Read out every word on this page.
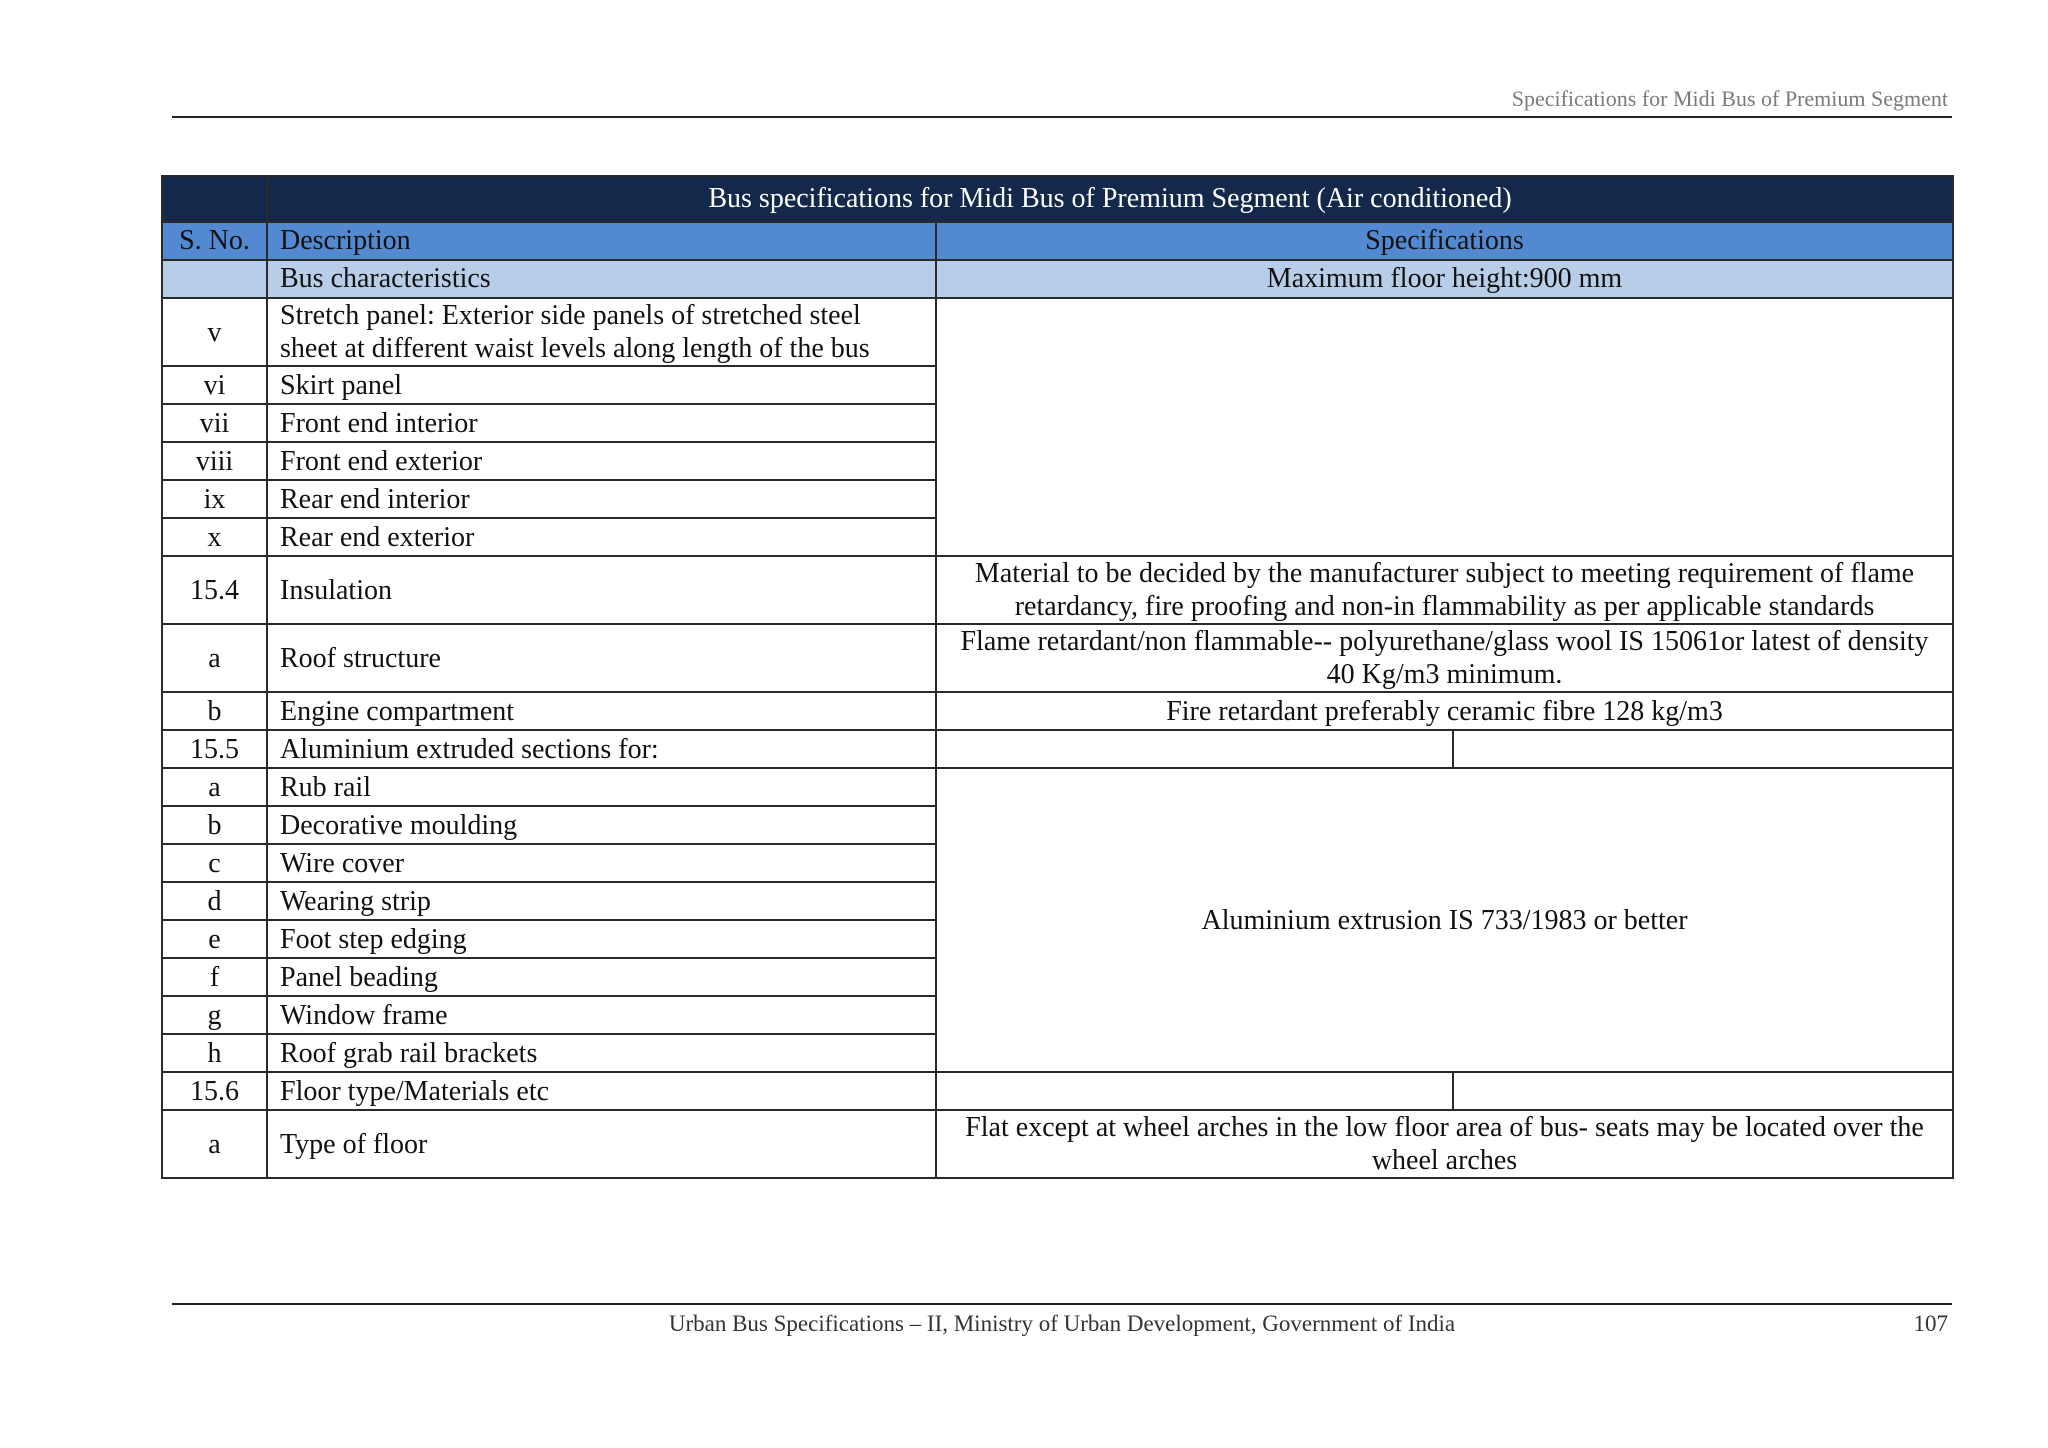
Specifications for Midi Bus of Premium Segment
	Bus specifications for Midi Bus of Premium Segment (Air conditioned)		
S. No.	Description	Specifications	
	Bus characteristics	Maximum floor height:900 mm	
v	Stretch panel: Exterior side panels of stretched steel sheet at different waist levels along length of the bus		
vi	Skirt panel		
vii	Front end interior		
viii	Front end exterior		
ix	Rear end interior		
x	Rear end exterior		
15.4	Insulation	Material to be decided by the manufacturer subject to meeting requirement of flame retardancy, fire proofing and non-in flammability as per applicable standards	
a	Roof structure	Flame retardant/non flammable-- polyurethane/glass wool IS 15061or latest of density 40 Kg/m3 minimum.	
b	Engine compartment	Fire retardant preferably ceramic fibre 128 kg/m3	
15.5	Aluminium extruded sections for:		
a	Rub rail	Aluminium extrusion IS 733/1983 or better	
b	Decorative moulding		
c	Wire cover		
d	Wearing strip		
e	Foot step edging		
f	Panel beading		
g	Window frame		
h	Roof grab rail brackets		
15.6	Floor type/Materials etc		
a	Type of floor	Flat except at wheel arches in the low floor area of bus- seats may be located over the wheel arches	
Urban Bus Specifications – II, Ministry of Urban Development, Government of India	107
